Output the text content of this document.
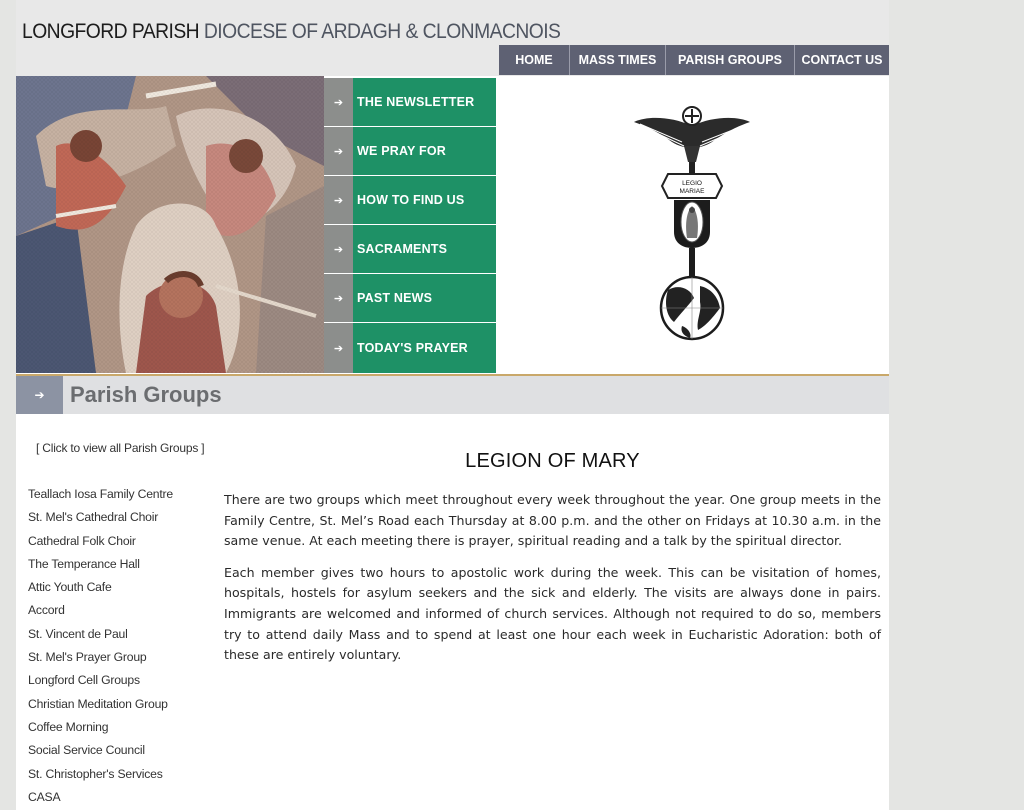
LONGFORD PARISH DIOCESE OF ARDAGH & CLONMACNOIS
HOME	MASS TIMES	PARISH GROUPS	CONTACT US
➔	THE NEWSLETTER
➔	WE PRAY FOR
➔	HOW TO FIND US
➔	SACRAMENTS
➔	PAST NEWS
➔	TODAY'S PRAYER
LEGIO
MARIAE
➔	Parish Groups
[ Click to view all Parish Groups ]
Teallach Iosa Family Centre
St. Mel's Cathedral Choir
Cathedral Folk Choir
The Temperance Hall
Attic Youth Cafe
Accord
St. Vincent de Paul
St. Mel's Prayer Group
Longford Cell Groups
Christian Meditation Group
Coffee Morning
Social Service Council
St. Christopher's Services
CASA
LEGION OF MARY

There are two groups which meet throughout every week throughout the year. One group meets in the Family Centre, St. Mel’s Road each Thursday at 8.00 p.m. and the other on Fridays at 10.30 a.m. in the same venue. At each meeting there is prayer, spiritual reading and a talk by the spiritual director.

Each member gives two hours to apostolic work during the week. This can be visitation of homes, hospitals, hostels for asylum seekers and the sick and elderly. The visits are always done in pairs. Immigrants are welcomed and informed of church services. Although not required to do so, members try to attend daily Mass and to spend at least one hour each week in Eucharistic Adoration: both of these are entirely voluntary.
